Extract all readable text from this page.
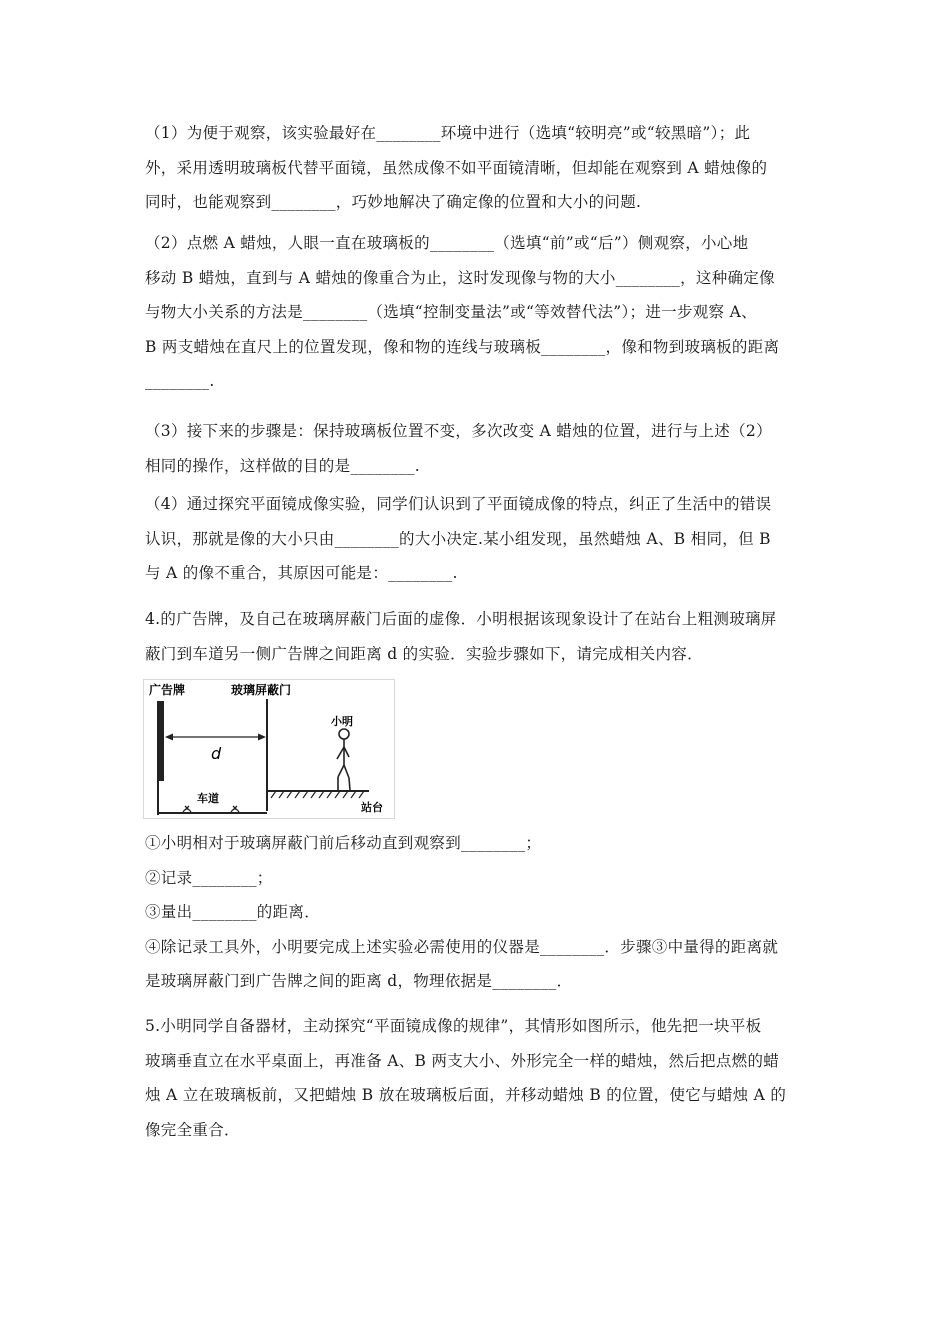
（1）为便于观察，该实验最好在________环境中进行（选填“较明亮”或“较黑暗”）；此
外，采用透明玻璃板代替平面镜，虽然成像不如平面镜清晰，但却能在观察到 A 蜡烛像的
同时，也能观察到________，巧妙地解决了确定像的位置和大小的问题.

（2）点燃 A 蜡烛，人眼一直在玻璃板的________（选填“前”或“后”）侧观察，小心地
移动 B 蜡烛，直到与 A 蜡烛的像重合为止，这时发现像与物的大小________，这种确定像
与物大小关系的方法是________（选填“控制变量法”或“等效替代法”）；进一步观察 A、
B 两支蜡烛在直尺上的位置发现，像和物的连线与玻璃板________，像和物到玻璃板的距离
________.

（3）接下来的步骤是：保持玻璃板位置不变，多次改变 A 蜡烛的位置，进行与上述（2）
相同的操作，这样做的目的是________.

（4）通过探究平面镜成像实验，同学们认识到了平面镜成像的特点，纠正了生活中的错误
认识，那就是像的大小只由________的大小决定.某小组发现，虽然蜡烛 A、B 相同，但 B
与 A 的像不重合，其原因可能是：________.

4.的广告牌，及自己在玻璃屏蔽门后面的虚像．小明根据该现象设计了在站台上粗测玻璃屏
蔽门到车道另一侧广告牌之间距离 d 的实验．实验步骤如下，请完成相关内容．

广告牌	玻璃屏蔽门
d
车道
站台
小明

①小明相对于玻璃屏蔽门前后移动直到观察到________；
②记录________；
③量出________的距离．
④除记录工具外，小明要完成上述实验必需使用的仪器是________．步骤③中量得的距离就
是玻璃屏蔽门到广告牌之间的距离 d，物理依据是________．

5.小明同学自备器材，主动探究“平面镜成像的规律”，其情形如图所示，他先把一块平板
玻璃垂直立在水平桌面上，再准备 A、B 两支大小、外形完全一样的蜡烛，然后把点燃的蜡
烛 A 立在玻璃板前，又把蜡烛 B 放在玻璃板后面，并移动蜡烛 B 的位置，使它与蜡烛 A 的
像完全重合．
